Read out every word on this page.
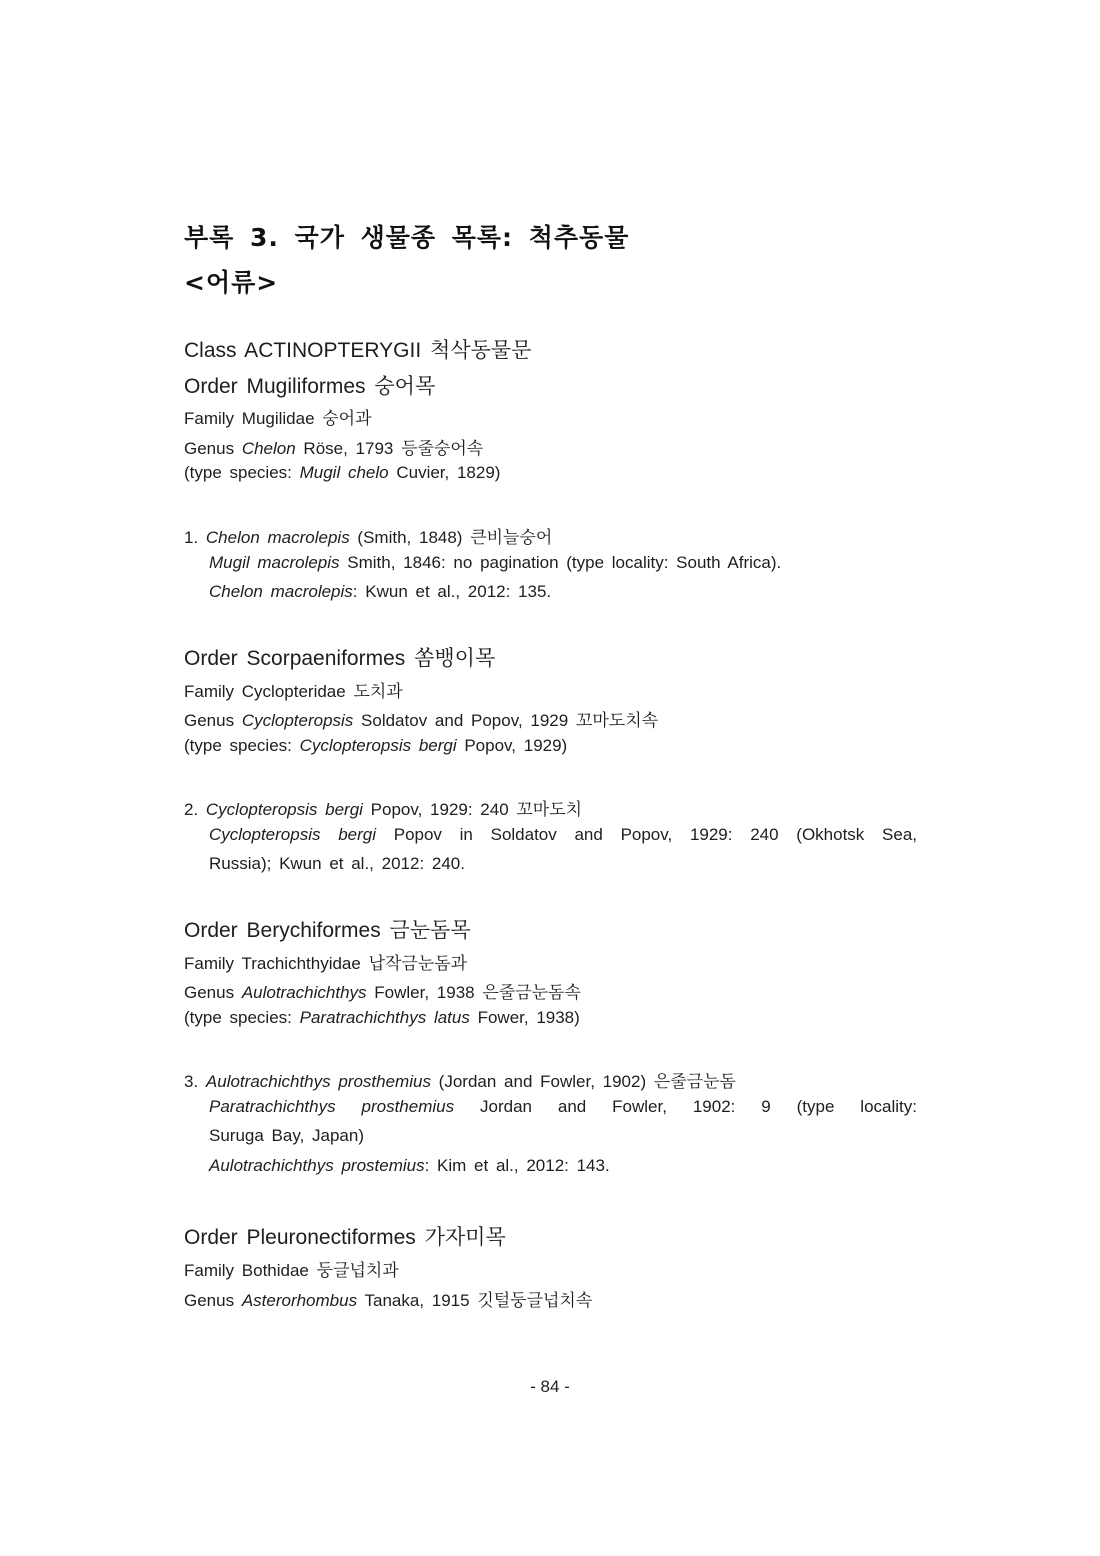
부록 3. 국가 생물종 목록: 척추동물
<어류>
Class ACTINOPTERYGII 척삭동물문
Order Mugiliformes 숭어목
Family Mugilidae 숭어과
Genus Chelon Röse, 1793 등줄숭어속
(type species: Mugil chelo Cuvier, 1829)
1. Chelon macrolepis (Smith, 1848) 큰비늘숭어
Mugil macrolepis Smith, 1846: no pagination (type locality: South Africa).
Chelon macrolepis: Kwun et al., 2012: 135.
Order Scorpaeniformes 쏨뱅이목
Family Cyclopteridae 도치과
Genus Cyclopteropsis Soldatov and Popov, 1929 꼬마도치속
(type species: Cyclopteropsis bergi Popov, 1929)
2. Cyclopteropsis bergi Popov, 1929: 240 꼬마도치
Cyclopteropsis bergi Popov in Soldatov and Popov, 1929: 240 (Okhotsk Sea,
Russia); Kwun et al., 2012: 240.
Order Berychiformes 금눈돔목
Family Trachichthyidae 납작금눈돔과
Genus Aulotrachichthys Fowler, 1938 은줄금눈돔속
(type species: Paratrachichthys latus Fower, 1938)
3. Aulotrachichthys prosthemius (Jordan and Fowler, 1902) 은줄금눈돔
Paratrachichthys prosthemius Jordan and Fowler, 1902: 9 (type locality:
Suruga Bay, Japan)
Aulotrachichthys prostemius: Kim et al., 2012: 143.
Order Pleuronectiformes 가자미목
Family Bothidae 둥글넙치과
Genus Asterorhombus Tanaka, 1915 깃털둥글넙치속
- 84 -
